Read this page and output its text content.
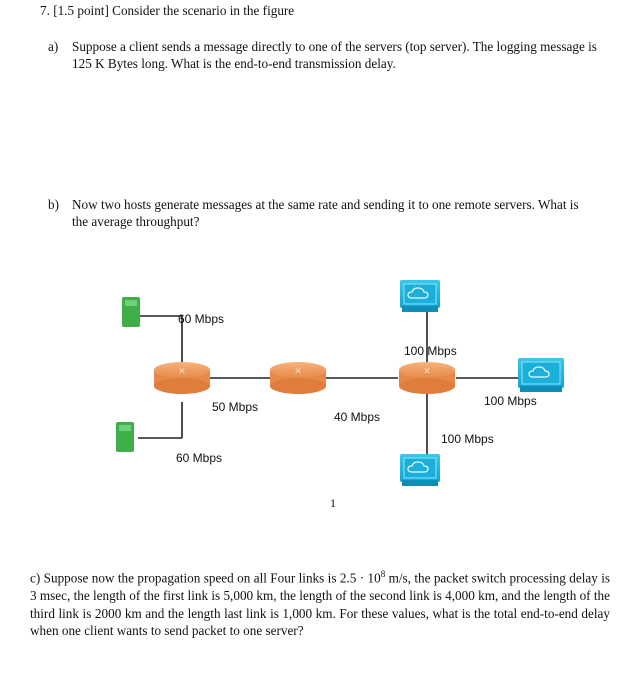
7. [1.5 point] Consider the scenario in the figure
a) Suppose a client sends a message directly to one of the servers (top server). The logging message is 125 K Bytes long. What is the end-to-end transmission delay.
b) Now two hosts generate messages at the same rate and sending it to one remote servers. What is the average throughput?
✕	✕	✕
60 Mbps
50 Mbps
60 Mbps
40 Mbps
100 Mbps
100 Mbps
100 Mbps
1
c) Suppose now the propagation speed on all Four links is $2.5 \cdot 10^8$ m/s, the packet switch processing delay is 3 msec, the length of the first link is 5,000 km, the length of the second link is 4,000 km, and the length of the third link is 2000 km and the length last link is 1,000 km. For these values, what is the total end-to-end delay when one client wants to send packet to one server?
